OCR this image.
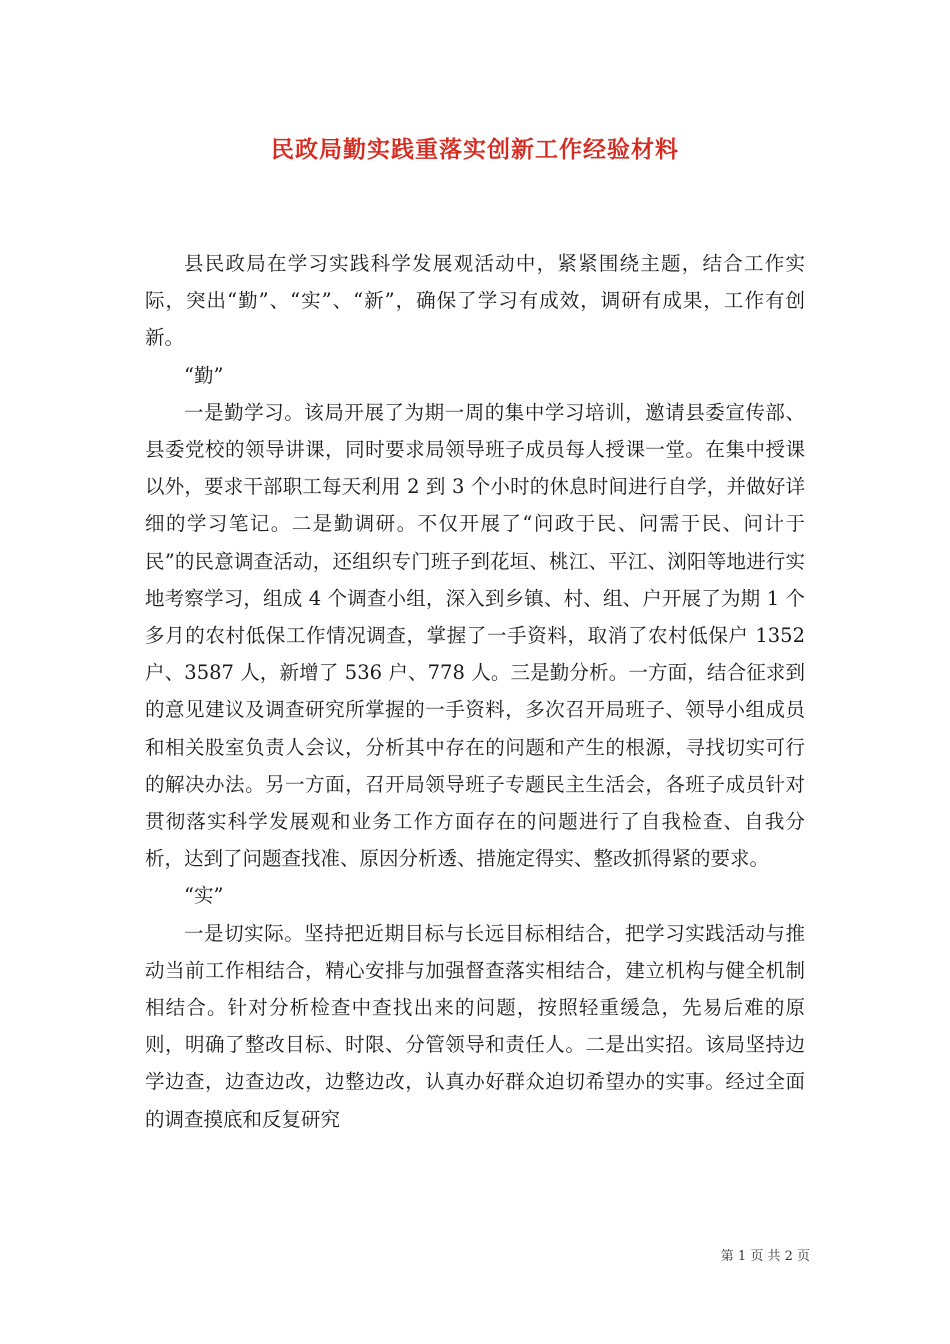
民政局勤实践重落实创新工作经验材料

县民政局在学习实践科学发展观活动中，紧紧围绕主题，结合工作实际，突出“勤”、“实”、“新”，确保了学习有成效，调研有成果，工作有创新。

“勤”

一是勤学习。该局开展了为期一周的集中学习培训，邀请县委宣传部、县委党校的领导讲课，同时要求局领导班子成员每人授课一堂。在集中授课以外，要求干部职工每天利用 2 到 3 个小时的休息时间进行自学，并做好详细的学习笔记。二是勤调研。不仅开展了“问政于民、问需于民、问计于民”的民意调查活动，还组织专门班子到花垣、桃江、平江、浏阳等地进行实地考察学习，组成 4 个调查小组，深入到乡镇、村、组、户开展了为期 1 个多月的农村低保工作情况调查，掌握了一手资料，取消了农村低保户 1352 户、3587 人，新增了 536 户、778 人。三是勤分析。一方面，结合征求到的意见建议及调查研究所掌握的一手资料，多次召开局班子、领导小组成员和相关股室负责人会议，分析其中存在的问题和产生的根源，寻找切实可行的解决办法。另一方面，召开局领导班子专题民主生活会，各班子成员针对贯彻落实科学发展观和业务工作方面存在的问题进行了自我检查、自我分析，达到了问题查找准、原因分析透、措施定得实、整改抓得紧的要求。

“实”

一是切实际。坚持把近期目标与长远目标相结合，把学习实践活动与推动当前工作相结合，精心安排与加强督查落实相结合，建立机构与健全机制相结合。针对分析检查中查找出来的问题，按照轻重缓急，先易后难的原则，明确了整改目标、时限、分管领导和责任人。二是出实招。该局坚持边学边查，边查边改，边整边改，认真办好群众迫切希望办的实事。经过全面的调查摸底和反复研究

第 1 页 共 2 页
